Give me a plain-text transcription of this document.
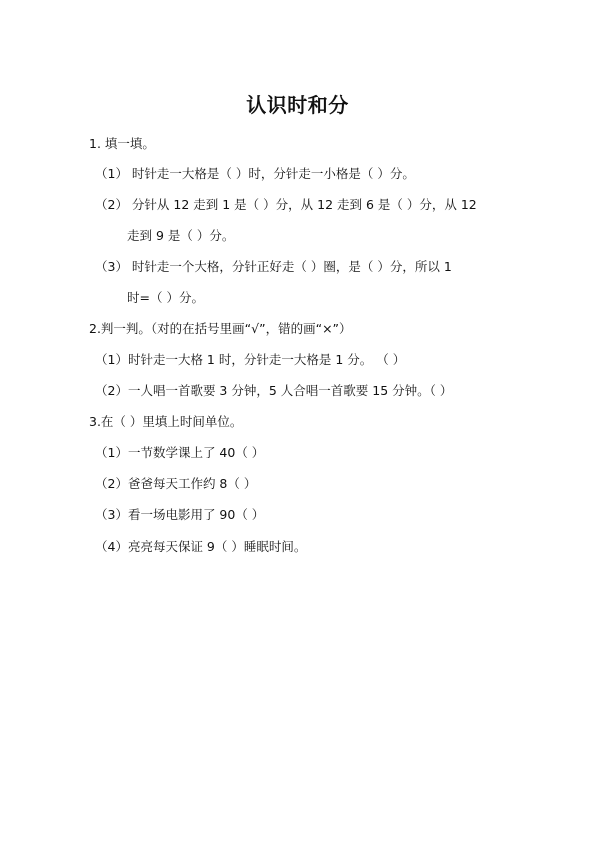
认识时和分
1. 填一填。
（1） 时针走一大格是（ ）时，分针走一小格是（ ）分。
（2） 分针从 12 走到 1 是（ ）分，从 12 走到 6 是（ ）分，从 12
走到 9 是（ ）分。
（3） 时针走一个大格，分针正好走（ ）圈，是（ ）分，所以 1
时=（ ）分。
2.判一判。（对的在括号里画“√”，错的画“×”）
（1）时针走一大格 1 时，分针走一大格是 1 分。 （ ）
（2）一人唱一首歌要 3 分钟，5 人合唱一首歌要 15 分钟。（ ）
3.在（ ）里填上时间单位。
（1）一节数学课上了 40（ ）
（2）爸爸每天工作约 8（ ）
（3）看一场电影用了 90（ ）
（4）亮亮每天保证 9（ ）睡眠时间。
